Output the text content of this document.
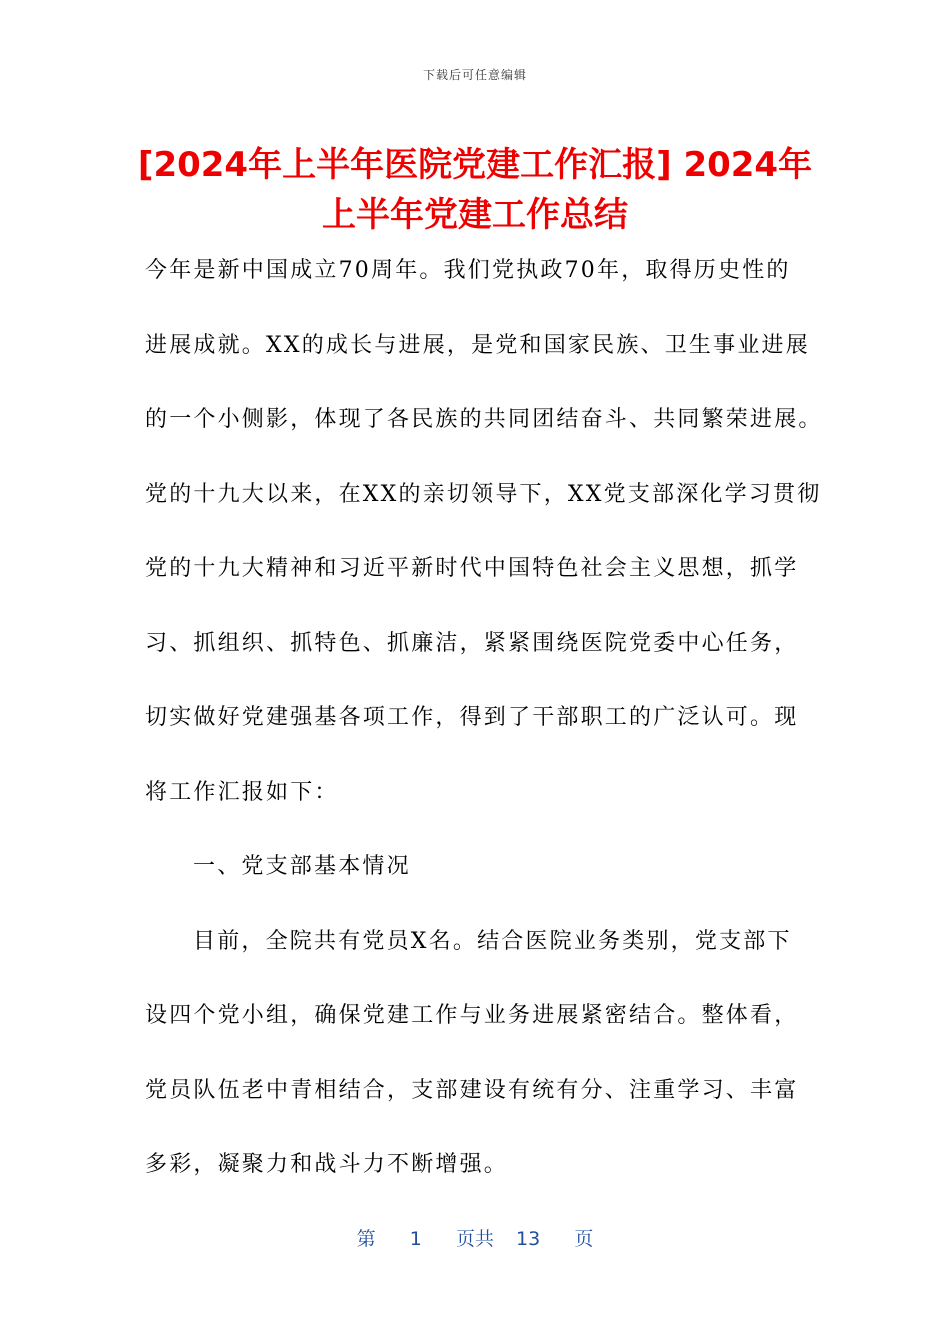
下载后可任意编辑
[2024年上半年医院党建工作汇报] 2024年
上半年党建工作总结
今年是新中国成立70周年。我们党执政70年，取得历史性的
进展成就。XX的成长与进展，是党和国家民族、卫生事业进展
的一个小侧影，体现了各民族的共同团结奋斗、共同繁荣进展。
党的十九大以来，在XX的亲切领导下，XX党支部深化学习贯彻
党的十九大精神和习近平新时代中国特色社会主义思想，抓学
习、抓组织、抓特色、抓廉洁，紧紧围绕医院党委中心任务，
切实做好党建强基各项工作，得到了干部职工的广泛认可。现
将工作汇报如下：
一、党支部基本情况
目前，全院共有党员X名。结合医院业务类别，党支部下
设四个党小组，确保党建工作与业务进展紧密结合。整体看，
党员队伍老中青相结合，支部建设有统有分、注重学习、丰富
多彩，凝聚力和战斗力不断增强。
第 1 页共 13 页
